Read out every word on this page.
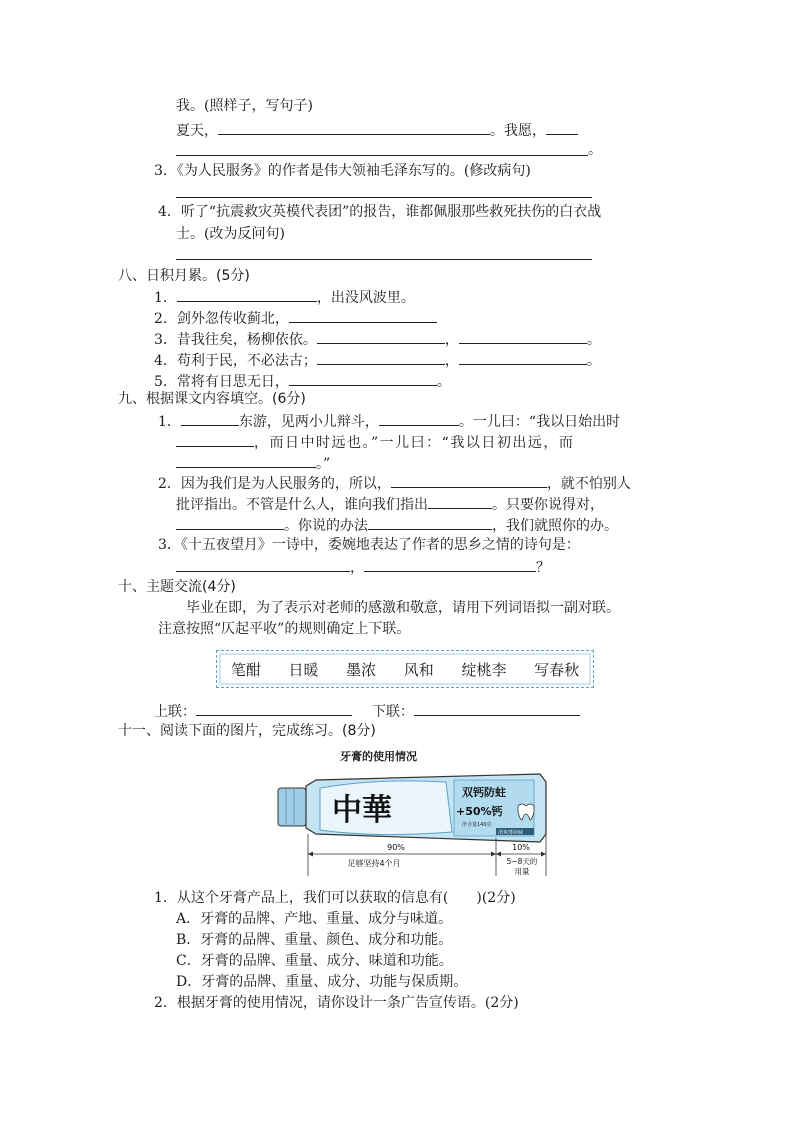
我。(照样子，写句子)
夏天，	。我愿，
。
3．《为人民服务》的作者是伟大领袖毛泽东写的。(修改病句)
4．听了“抗震救灾英模代表团”的报告，谁都佩服那些救死扶伤的白衣战
士。(改为反问句)
八、日积月累。(5分)
1．	，出没风波里。
2．剑外忽传收蓟北，
3．昔我往矣，杨柳依依。	，	。
4．苟利于民，不必法古；	，	。
5．常将有日思无日，	。
九、根据课文内容填空。(6分)
1．	东游，见两小儿辩斗，	。一儿曰：“我以日始出时
，而日中时远也。”一儿曰：“我以日初出远，而
。”
2．因为我们是为人民服务的，所以，	，就不怕别人
批评指出。不管是什么人，谁向我们指出	。只要你说得对，
。你说的办法	，我们就照你的办。
3．《十五夜望月》一诗中，委婉地表达了作者的思乡之情的诗句是：
，	？
十、主题交流(4分)
毕业在即，为了表示对老师的感激和敬意，请用下列词语拟一副对联。
注意按照“仄起平收”的规则确定上下联。
笔酣 日暖 墨浓 风和 绽桃李 写春秋
上联：	下联：
十一、阅读下面的图片，完成练习。(8分)
牙膏的使用情况
中華
双钙防蛀
+50%钙
净含量140克
清爽薄荷味
90%	10%
足够坚持4个月	5~8天的
用量
1．从这个牙膏产品上，我们可以获取的信息有(　　)(2分)
A．牙膏的品牌、产地、重量、成分与味道。
B．牙膏的品牌、重量、颜色、成分和功能。
C．牙膏的品牌、重量、成分、味道和功能。
D．牙膏的品牌、重量、成分、功能与保质期。
2．根据牙膏的使用情况，请你设计一条广告宣传语。(2分)
